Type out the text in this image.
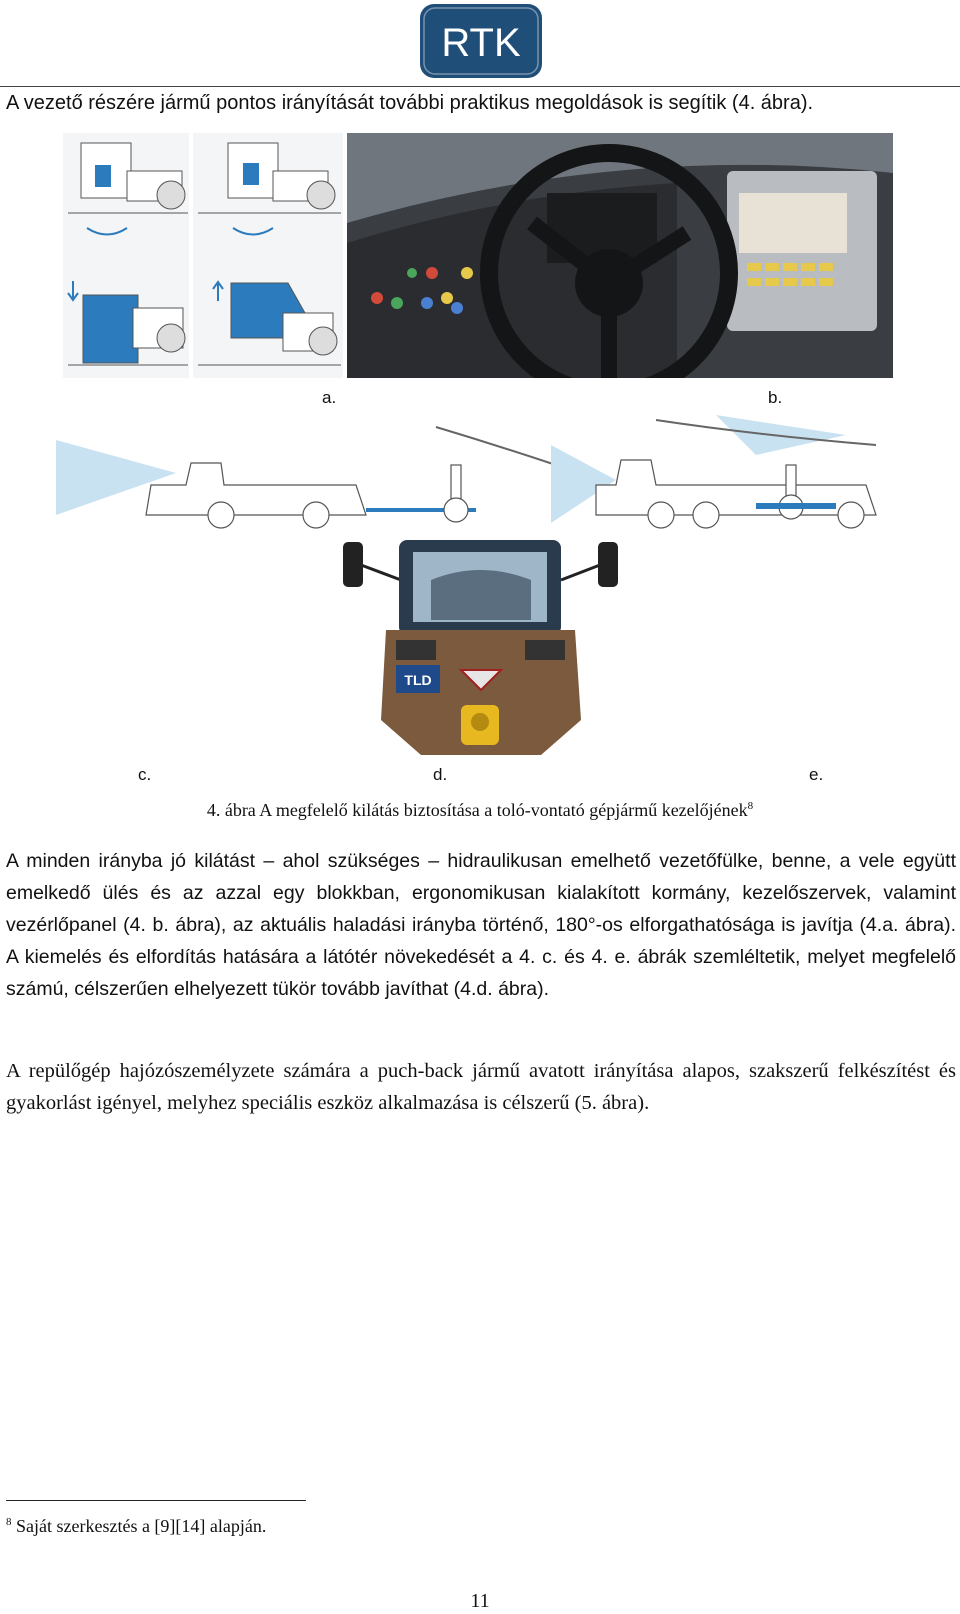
RTK
A vezető részére jármű pontos irányítását további praktikus megoldások is segítik (4. ábra).
a.	b.
TLD
c.	d.	e.
4. ábra A megfelelő kilátás biztosítása a toló-vontató gépjármű kezelőjének$^8$
A minden irányba jó kilátást – ahol szükséges – hidraulikusan emelhető vezetőfülke, benne, a vele együtt emelkedő ülés és az azzal egy blokkban, ergonomikusan kialakított kormány, kezelőszervek, valamint vezérlőpanel (4. b. ábra), az aktuális haladási irányba történő, 180°-os elforgathatósága is javítja (4.a. ábra). A kiemelés és elfordítás hatására a látótér növekedését a 4. c. és 4. e. ábrák szemléltetik, melyet megfelelő számú, célszerűen elhelyezett tükör tovább javíthat (4.d. ábra).
A repülőgép hajózószemélyzete számára a puch-back jármű avatott irányítása alapos, szakszerű felkészítést és gyakorlást igényel, melyhez speciális eszköz alkalmazása is célszerű (5. ábra).
$^8$ Saját szerkesztés a [9][14] alapján.
11
